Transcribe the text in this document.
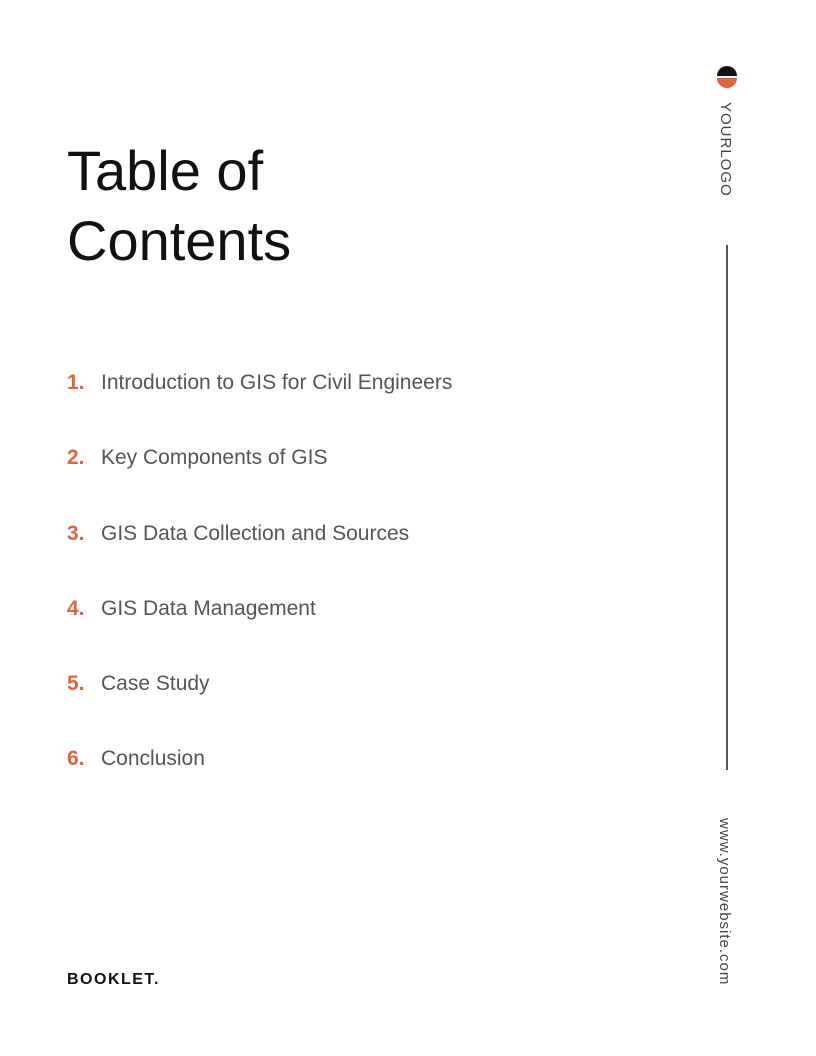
Table of Contents
1. Introduction to GIS for Civil Engineers
2. Key Components of GIS
3. GIS Data Collection and Sources
4. GIS Data Management
5. Case Study
6. Conclusion
YOURLOGO
www.yourwebsite.com
BOOKLET.
